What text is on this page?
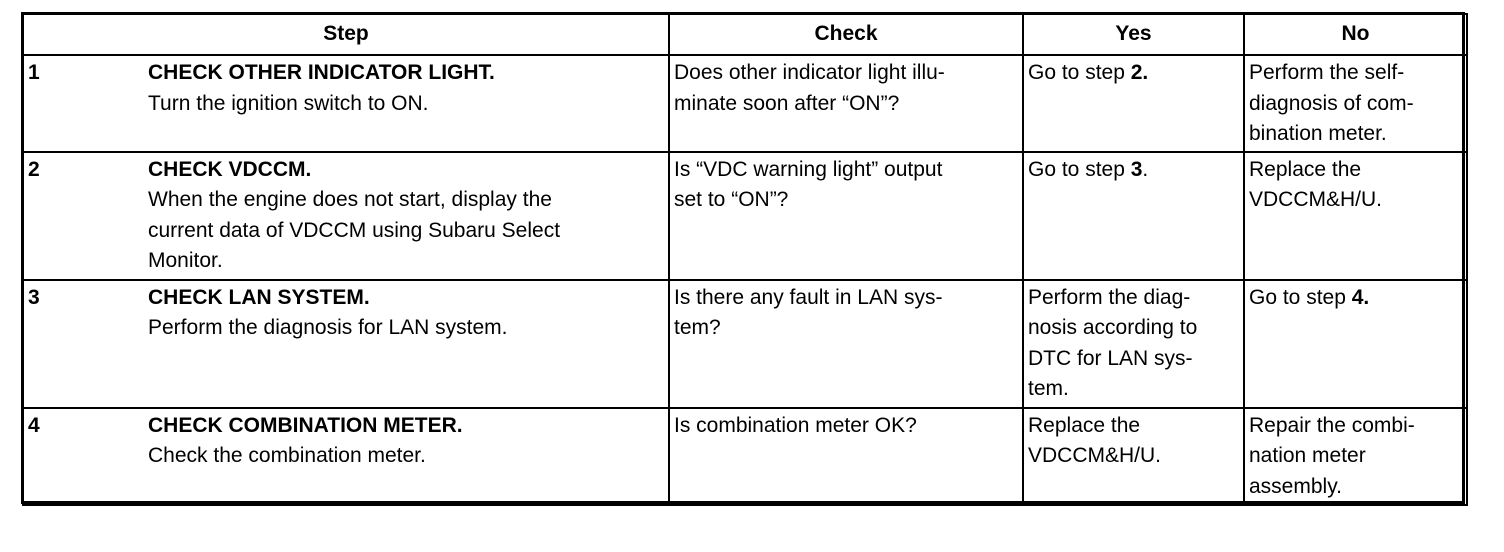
Step	Check	Yes	No

1 CHECK OTHER INDICATOR LIGHT.
Turn the ignition switch to ON.	Does other indicator light illu-
minate soon after “ON”?	Go to step 2.	Perform the self-
diagnosis of com-
bination meter.

2 CHECK VDCCM.
When the engine does not start, display the
current data of VDCCM using Subaru Select
Monitor.	Is “VDC warning light” output
set to “ON”?	Go to step 3.	Replace the
VDCCM&H/U.

3 CHECK LAN SYSTEM.
Perform the diagnosis for LAN system.	Is there any fault in LAN sys-
tem?	Perform the diag-
nosis according to
DTC for LAN sys-
tem.	Go to step 4.

4 CHECK COMBINATION METER.
Check the combination meter.	Is combination meter OK?	Replace the
VDCCM&H/U.	Repair the combi-
nation meter
assembly.
